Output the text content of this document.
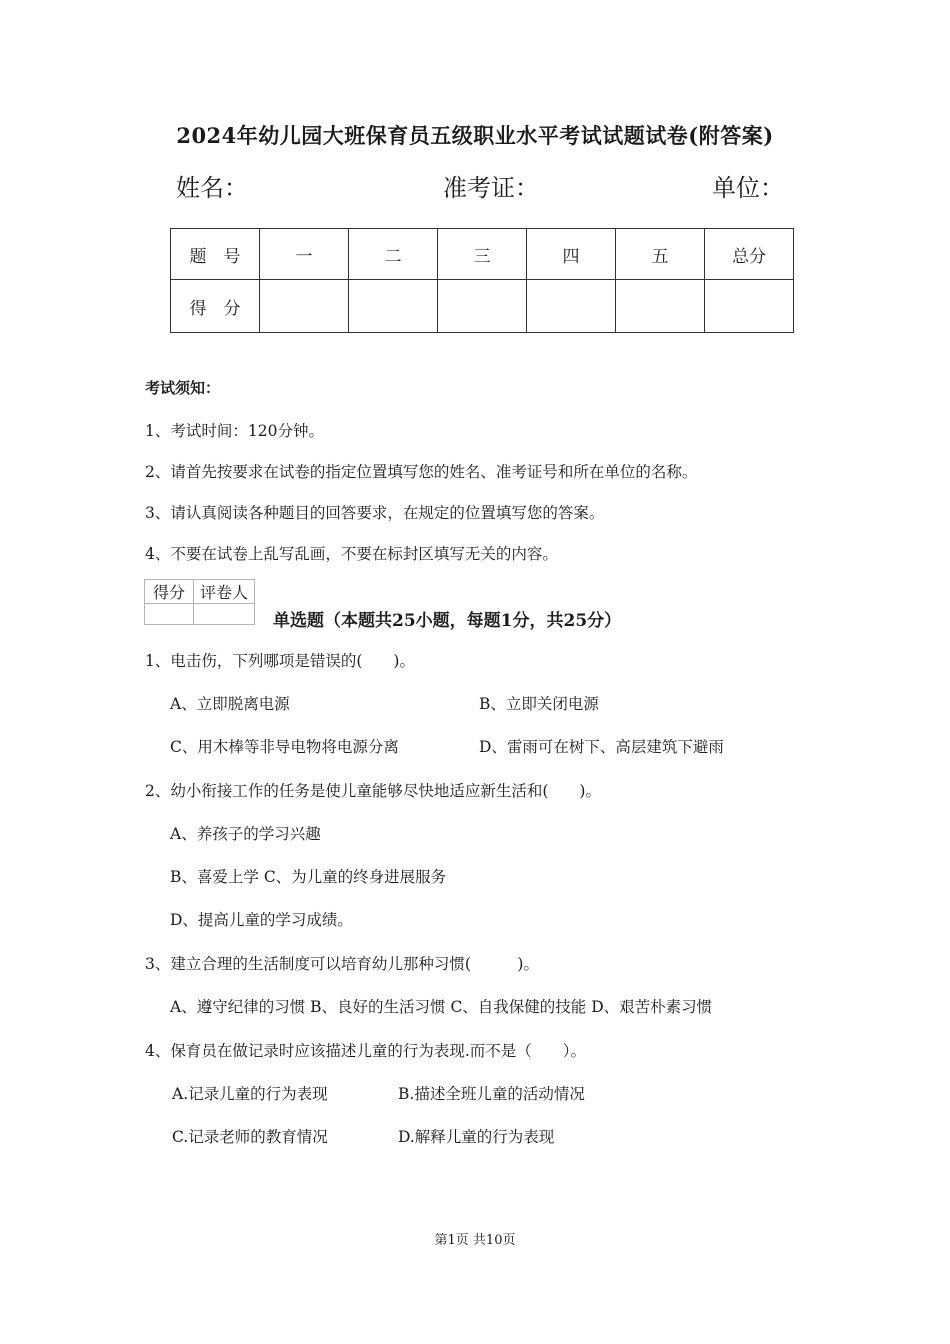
2024年幼儿园大班保育员五级职业水平考试试题试卷(附答案)
姓名：	准考证：	单位：
题　号	一	二	三	四	五	总分
得　分						
考试须知：
1、考试时间：120分钟。
2、请首先按要求在试卷的指定位置填写您的姓名、准考证号和所在单位的名称。
3、请认真阅读各种题目的回答要求，在规定的位置填写您的答案。
4、不要在试卷上乱写乱画，不要在标封区填写无关的内容。
得分	评卷人

单选题（本题共25小题，每题1分，共25分）
1、电击伤，下列哪项是错误的(　　)。
A、立即脱离电源	B、立即关闭电源
C、用木棒等非导电物将电源分离	D、雷雨可在树下、高层建筑下避雨
2、幼小衔接工作的任务是使儿童能够尽快地适应新生活和(　　)。
A、养孩子的学习兴趣
B、喜爱上学 C、为儿童的终身进展服务
D、提高儿童的学习成绩。
3、建立合理的生活制度可以培育幼儿那种习惯(　　　)。
A、遵守纪律的习惯 B、良好的生活习惯 C、自我保健的技能 D、艰苦朴素习惯
4、保育员在做记录时应该描述儿童的行为表现.而不是（　　）。
A.记录儿童的行为表现	B.描述全班儿童的活动情况
C.记录老师的教育情况	D.解释儿童的行为表现
第1页 共10页
